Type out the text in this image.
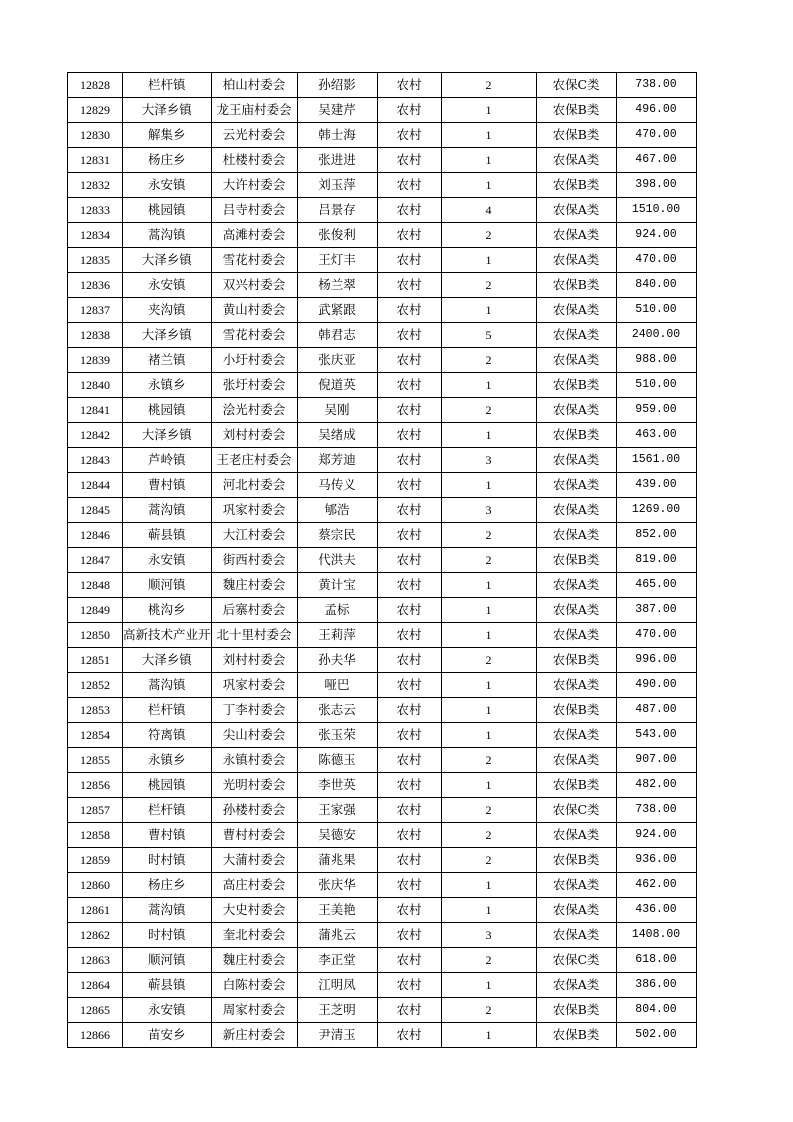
12828	栏杆镇	柏山村委会	孙绍影	农村	2	农保C类	738.00
12829	大泽乡镇	龙王庙村委会	吴建芹	农村	1	农保B类	496.00
12830	解集乡	云光村委会	韩士海	农村	1	农保B类	470.00
12831	杨庄乡	杜楼村委会	张进进	农村	1	农保A类	467.00
12832	永安镇	大许村委会	刘玉萍	农村	1	农保B类	398.00
12833	桃园镇	吕寺村委会	吕景存	农村	4	农保A类	1510.00
12834	蒿沟镇	高滩村委会	张俊利	农村	2	农保A类	924.00
12835	大泽乡镇	雪花村委会	王灯丰	农村	1	农保A类	470.00
12836	永安镇	双兴村委会	杨兰翠	农村	2	农保B类	840.00
12837	夹沟镇	黄山村委会	武紧跟	农村	1	农保A类	510.00
12838	大泽乡镇	雪花村委会	韩君志	农村	5	农保A类	2400.00
12839	褚兰镇	小圩村委会	张庆亚	农村	2	农保A类	988.00
12840	永镇乡	张圩村委会	倪道英	农村	1	农保B类	510.00
12841	桃园镇	浍光村委会	吴刚	农村	2	农保A类	959.00
12842	大泽乡镇	刘村村委会	吴绪成	农村	1	农保B类	463.00
12843	芦岭镇	王老庄村委会	郑芳迪	农村	3	农保A类	1561.00
12844	曹村镇	河北村委会	马传义	农村	1	农保A类	439.00
12845	蒿沟镇	巩家村委会	郇浩	农村	3	农保A类	1269.00
12846	蕲县镇	大江村委会	蔡宗民	农村	2	农保A类	852.00
12847	永安镇	街西村委会	代洪夫	农村	2	农保B类	819.00
12848	顺河镇	魏庄村委会	黄计宝	农村	1	农保A类	465.00
12849	桃沟乡	后寨村委会	孟标	农村	1	农保A类	387.00
12850	高新技术产业开	北十里村委会	王莉萍	农村	1	农保A类	470.00
12851	大泽乡镇	刘村村委会	孙夫华	农村	2	农保B类	996.00
12852	蒿沟镇	巩家村委会	哑巴	农村	1	农保A类	490.00
12853	栏杆镇	丁李村委会	张志云	农村	1	农保B类	487.00
12854	符离镇	尖山村委会	张玉荣	农村	1	农保A类	543.00
12855	永镇乡	永镇村委会	陈德玉	农村	2	农保A类	907.00
12856	桃园镇	光明村委会	李世英	农村	1	农保B类	482.00
12857	栏杆镇	孙楼村委会	王家强	农村	2	农保C类	738.00
12858	曹村镇	曹村村委会	吴德安	农村	2	农保A类	924.00
12859	时村镇	大蒲村委会	蒲兆果	农村	2	农保B类	936.00
12860	杨庄乡	高庄村委会	张庆华	农村	1	农保A类	462.00
12861	蒿沟镇	大史村委会	王美艳	农村	1	农保A类	436.00
12862	时村镇	奎北村委会	蒲兆云	农村	3	农保A类	1408.00
12863	顺河镇	魏庄村委会	李正堂	农村	2	农保C类	618.00
12864	蕲县镇	白陈村委会	江明凤	农村	1	农保A类	386.00
12865	永安镇	周家村委会	王芝明	农村	2	农保B类	804.00
12866	苗安乡	新庄村委会	尹清玉	农村	1	农保B类	502.00
